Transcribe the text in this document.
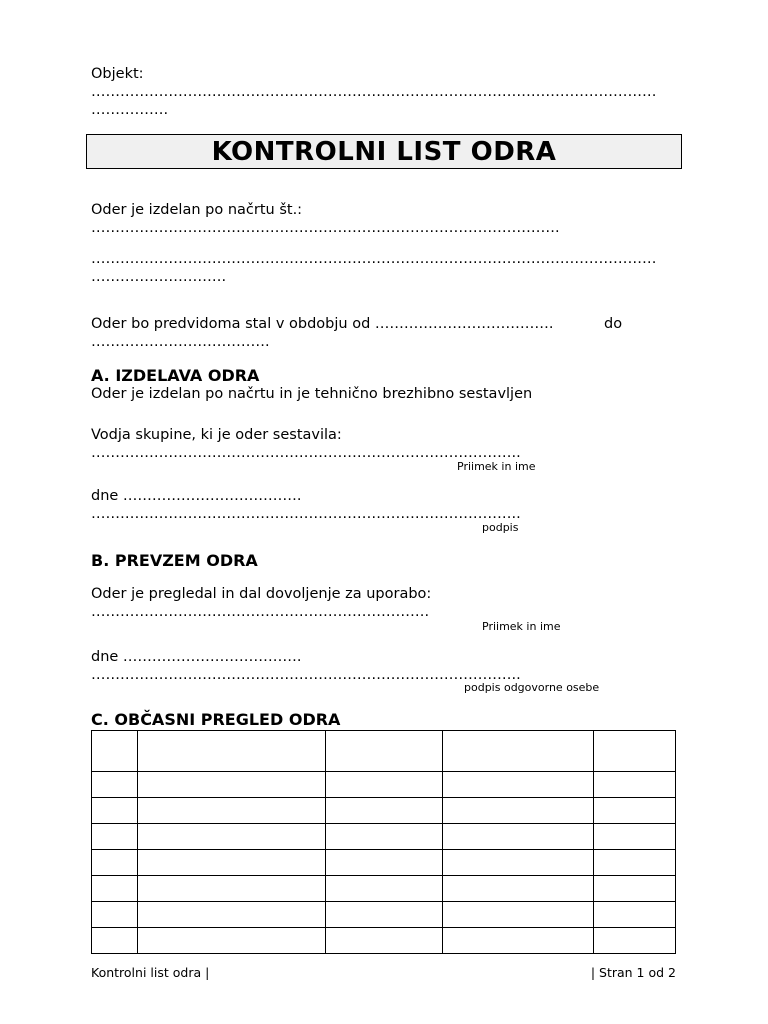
Objekt:
………………………………………………………………………………………………………
…………….
KONTROLNI LIST ODRA
Oder je izdelan po načrtu št.:
…………………………………………………………………………………….
………………………………………………………………………………………………………
……………………….
Oder bo predvidoma stal v obdobju od ……………………………….	do
……………………………….
A. IZDELAVA ODRA
Oder je izdelan po načrtu in je tehnično brezhibno sestavljen
Vodja skupine, ki je oder sestavila:
……………………………………………………………………………..
Priimek in ime
dne ……………………………….
……………………………………………………………………………..
podpis
B. PREVZEM ODRA
Oder je pregledal in dal dovoljenje za uporabo:
…………………………………………………………….
Priimek in ime
dne ……………………………….
……………………………………………………………………………..
podpis odgovorne osebe
C. OBČASNI PREGLED ODRA

Kontrolni list odra |	| Stran 1 od 2
